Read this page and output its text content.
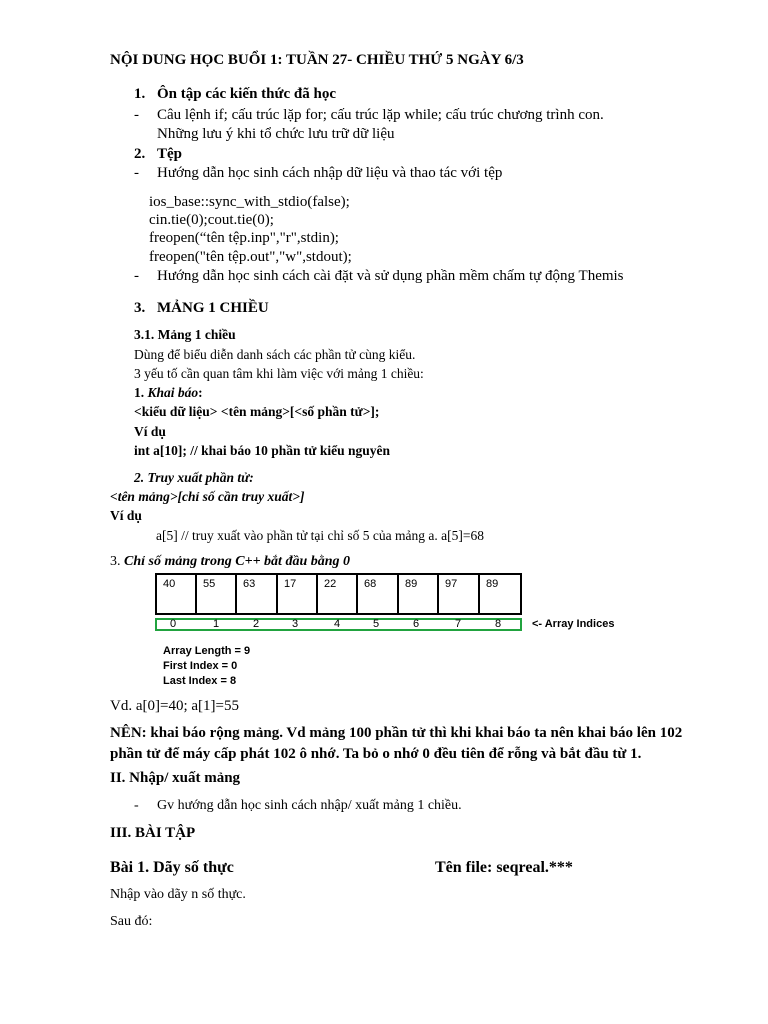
NỘI DUNG HỌC BUỔI 1: TUẦN 27- CHIỀU THỨ 5 NGÀY 6/3
1. Ôn tập các kiến thức đã học
- Câu lệnh if; cấu trúc lặp for; cấu trúc lặp while; cấu trúc chương trình con.
Những lưu ý khi tổ chức lưu trữ dữ liệu
2. Tệp
- Hướng dẫn học sinh cách nhập dữ liệu và thao tác với tệp
ios_base::sync_with_stdio(false);
cin.tie(0);cout.tie(0);
freopen(“tên tệp.inp","r",stdin);
freopen("tên tệp.out","w",stdout);
- Hướng dẫn học sinh cách cài đặt và sử dụng phần mềm chấm tự động Themis
3. MẢNG 1 CHIỀU
3.1. Mảng 1 chiều
Dùng để biểu diễn danh sách các phần tử cùng kiểu.
3 yếu tố cần quan tâm khi làm việc với mảng 1 chiều:
1. Khai báo:
<kiểu dữ liệu> <tên mảng>[<số phần tử>];
Ví dụ
int a[10]; // khai báo 10 phần tử kiểu nguyên
2. Truy xuất phần tử:
<tên mảng>[chỉ số cần truy xuất>]
Ví dụ
a[5] // truy xuất vào phần tử tại chỉ số 5 của mảng a. a[5]=68
3. Chỉ số mảng trong C++ bắt đầu bằng 0
40	55	63	17	22	68	89	97	89
0	1	2	3	4	5	6	7	8	<- Array Indices
Array Length = 9
First Index = 0
Last Index = 8
Vd. a[0]=40; a[1]=55
NÊN: khai báo rộng mảng. Vd mảng 100 phần tử thì khi khai báo ta nên khai báo lên 102 phần tử để máy cấp phát 102 ô nhớ. Ta bỏ o nhớ 0 đều tiên để rỗng và bắt đầu từ 1.
II. Nhập/ xuất mảng
- Gv hướng dẫn học sinh cách nhập/ xuất mảng 1 chiều.
III. BÀI TẬP
Bài 1. Dãy số thực	Tên file: seqreal.***
Nhập vào dãy n số thực.
Sau đó:
